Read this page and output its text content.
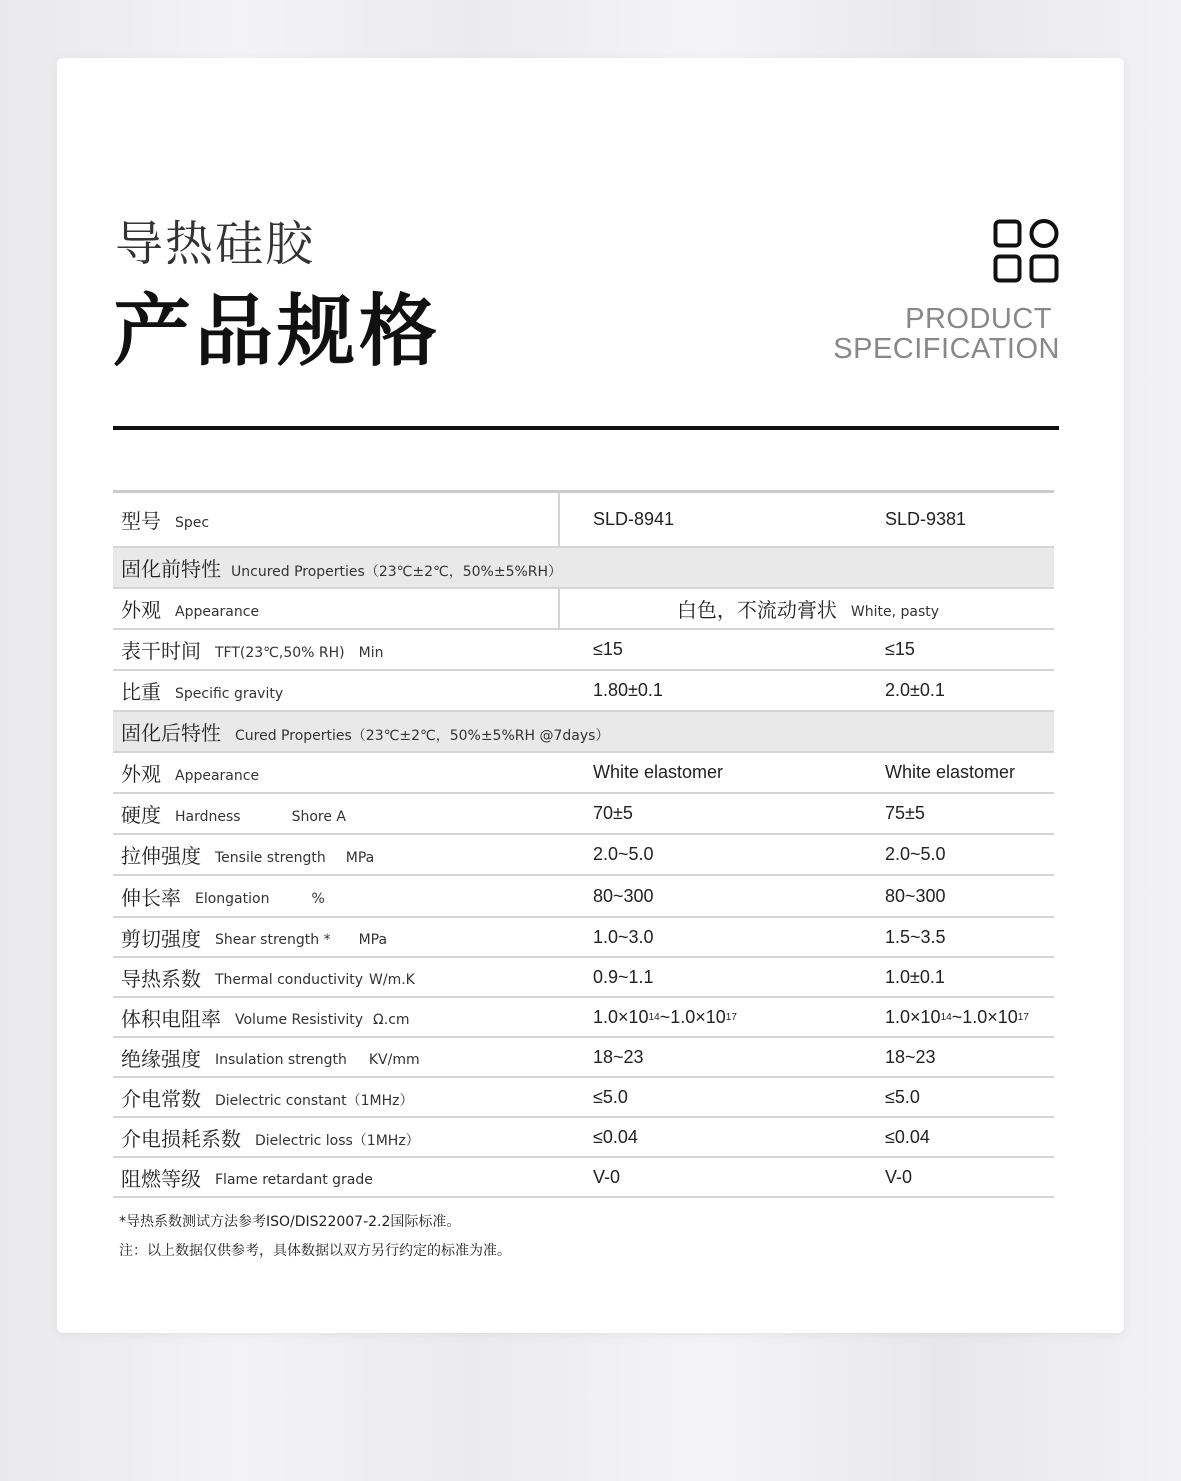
导热硅胶
产品规格	PRODUCT
SPECIFICATION
型号 Spec	SLD-8941	SLD-9381
固化前特性 Uncured Properties（23℃±2℃，50%±5%RH）
外观 Appearance	白色，不流动膏状 White, pasty
表干时间 TFT(23℃,50% RH) Min	≤15	≤15
比重 Specific gravity	1.80±0.1	2.0±0.1
固化后特性 Cured Properties（23℃±2℃，50%±5%RH @7days）
外观 Appearance	White elastomer	White elastomer
硬度 Hardness	Shore A	70±5	75±5
拉伸强度 Tensile strength MPa	2.0~5.0	2.0~5.0
伸长率 Elongation	%	80~300	80~300
剪切强度 Shear strength * MPa	1.0~3.0	1.5~3.5
导热系数 Thermal conductivity W/m.K	0.9~1.1	1.0±0.1
体积电阻率 Volume Resistivity Ω.cm	1.0×10 14 ~1.0×10 17	1.0×10 14 ~1.0×10 17
绝缘强度 Insulation strength KV/mm	18~23	18~23
介电常数 Dielectric constant（1MHz）	≤5.0	≤5.0
介电损耗系数 Dielectric loss（1MHz）	≤0.04	≤0.04
阻燃等级 Flame retardant grade	V-0	V-0
*导热系数测试方法参考ISO/DIS22007-2.2国际标准。
注：以上数据仅供参考，具体数据以双方另行约定的标准为准。
